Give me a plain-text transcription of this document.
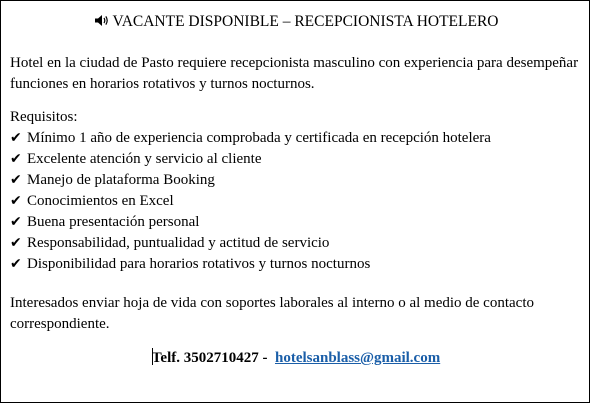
VACANTE DISPONIBLE – RECEPCIONISTA HOTELERO
Hotel en la ciudad de Pasto requiere recepcionista masculino con experiencia para desempeñar funciones en horarios rotativos y turnos nocturnos.
Requisitos:
✔ Mínimo 1 año de experiencia comprobada y certificada en recepción hotelera
✔ Excelente atención y servicio al cliente
✔ Manejo de plataforma Booking
✔ Conocimientos en Excel
✔ Buena presentación personal
✔ Responsabilidad, puntualidad y actitud de servicio
✔ Disponibilidad para horarios rotativos y turnos nocturnos
Interesados enviar hoja de vida con soportes laborales al interno o al medio de contacto correspondiente.
Telf. 3502710427 -  hotelsanblass@gmail.com
